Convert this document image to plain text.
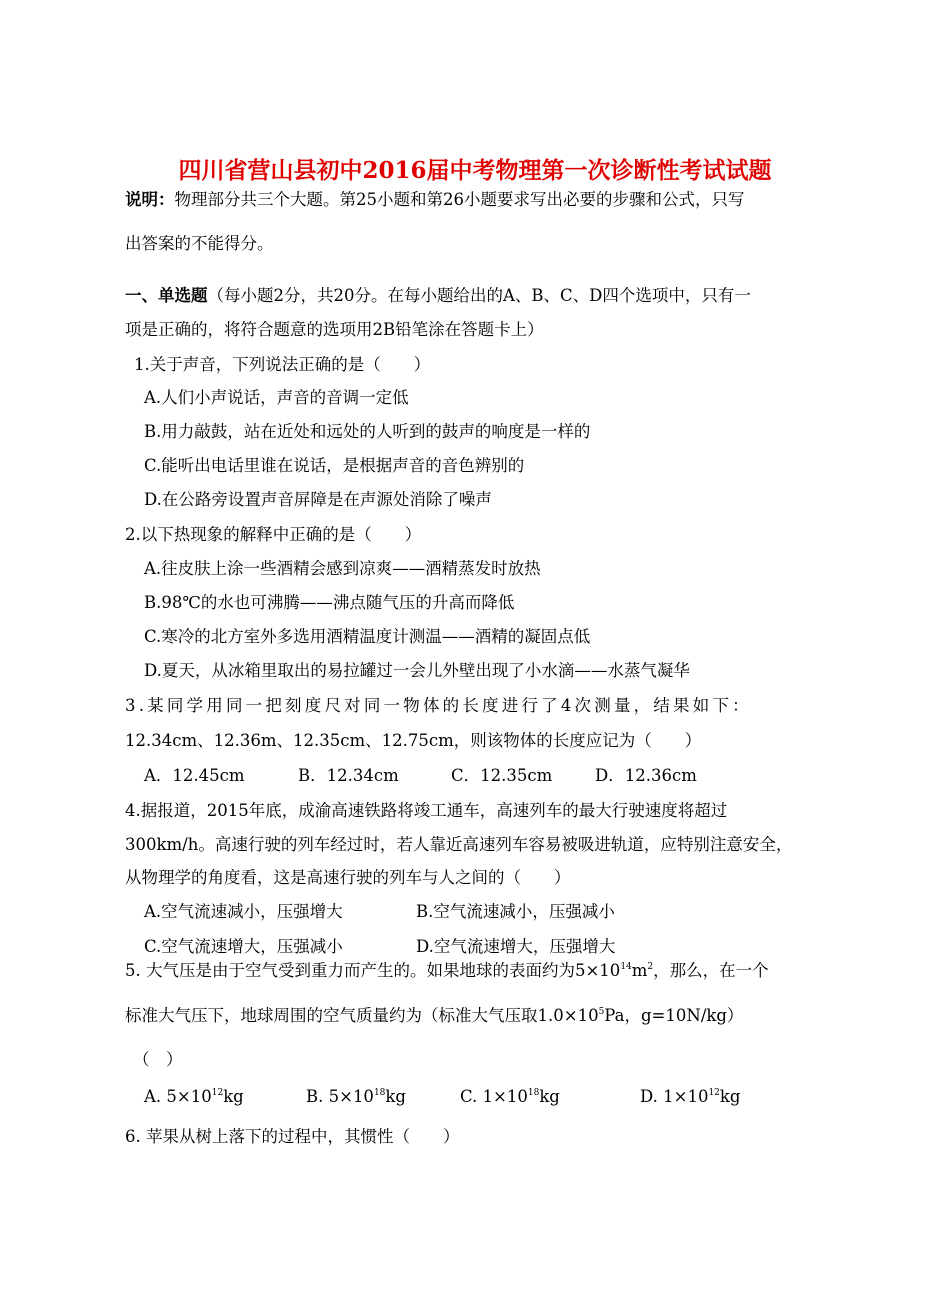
四川省营山县初中2016届中考物理第一次诊断性考试试题
说明：物理部分共三个大题。第25小题和第26小题要求写出必要的步骤和公式，只写
出答案的不能得分。
一、单选题（每小题2分，共20分。在每小题给出的A、B、C、D四个选项中，只有一
项是正确的，将符合题意的选项用2B铅笔涂在答题卡上）
1.关于声音，下列说法正确的是（　　）
A.人们小声说话，声音的音调一定低
B.用力敲鼓，站在近处和远处的人听到的鼓声的响度是一样的
C.能听出电话里谁在说话，是根据声音的音色辨别的
D.在公路旁设置声音屏障是在声源处消除了噪声
2.以下热现象的解释中正确的是（　　）
A.往皮肤上涂一些酒精会感到凉爽——酒精蒸发时放热
B.98℃的水也可沸腾——沸点随气压的升高而降低
C.寒冷的北方室外多选用酒精温度计测温——酒精的凝固点低
D.夏天，从冰箱里取出的易拉罐过一会儿外壁出现了小水滴——水蒸气凝华
3.某同学用同一把刻度尺对同一物体的长度进行了4次测量，结果如下：
12.34cm、12.36m、12.35cm、12.75cm，则该物体的长度应记为（　　）
A．12.45cm	B．12.34cm	C．12.35cm	D．12.36cm
4.据报道，2015年底，成渝高速铁路将竣工通车，高速列车的最大行驶速度将超过
300km/h。高速行驶的列车经过时，若人靠近高速列车容易被吸进轨道，应特别注意安全，
从物理学的角度看，这是高速行驶的列车与人之间的（　　）
A.空气流速减小，压强增大	B.空气流速减小，压强减小
C.空气流速增大，压强减小	D.空气流速增大，压强增大
5. 大气压是由于空气受到重力而产生的。如果地球的表面约为$5\times 10^{14}m^2$，那么，在一个
标准大气压下，地球周围的空气质量约为（标准大气压取$1.0\times 10^5Pa$，g=10N/kg）
（　）
A. $5\times 10^{12}kg$	B. $5\times 10^{18}kg$	C. $1\times 10^{18}kg$	D. $1\times 10^{12}kg$
6. 苹果从树上落下的过程中，其惯性（　　）
